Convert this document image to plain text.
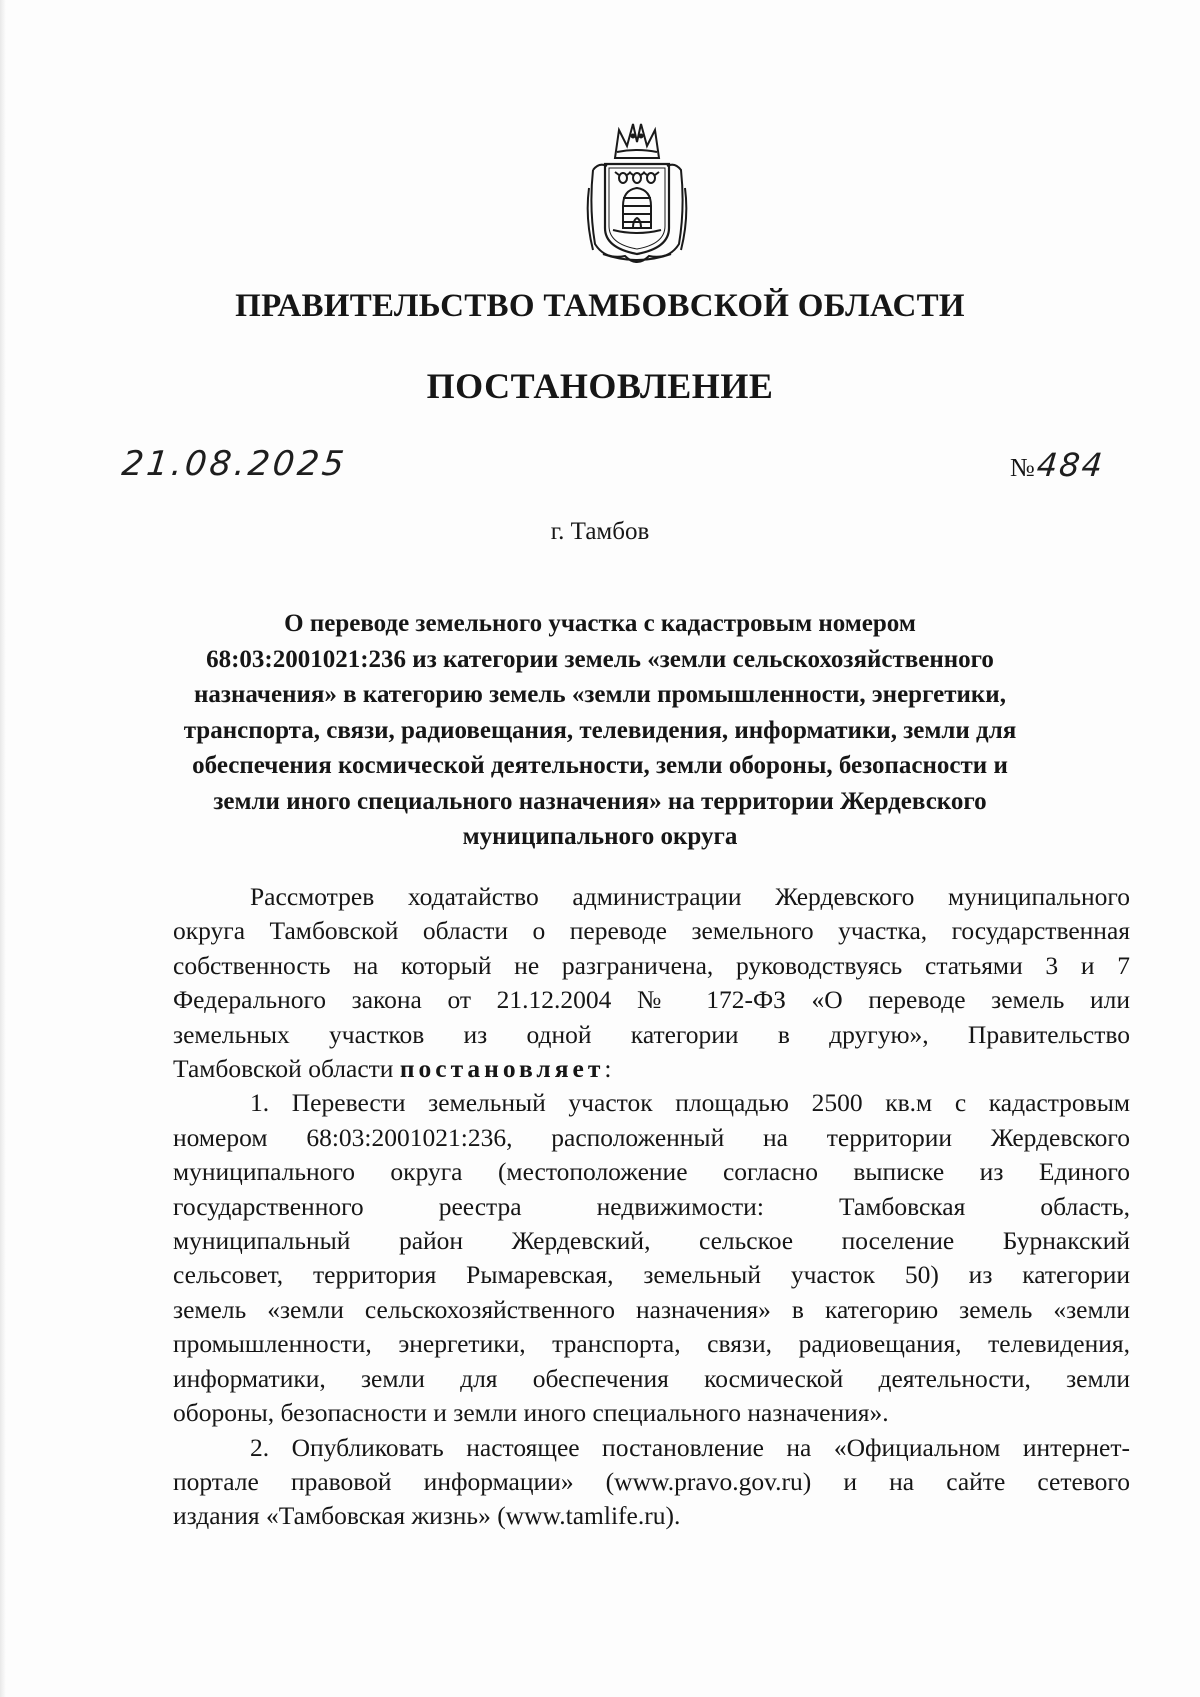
ПРАВИТЕЛЬСТВО ТАМБОВСКОЙ ОБЛАСТИ
ПОСТАНОВЛЕНИЕ
21.08.2025	№484
г. Тамбов

О переводе земельного участка с кадастровым номером
68:03:2001021:236 из категории земель «земли сельскохозяйственного
назначения» в категорию земель «земли промышленности, энергетики,
транспорта, связи, радиовещания, телевидения, информатики, земли для
обеспечения космической деятельности, земли обороны, безопасности и
земли иного специального назначения» на территории Жердевского
муниципального округа

Рассмотрев ходатайство администрации Жердевского муниципального
округа Тамбовской области о переводе земельного участка, государственная
собственность на который не разграничена, руководствуясь статьями 3 и 7
Федерального закона от 21.12.2004 № 172-ФЗ «О переводе земель или
земельных участков из одной категории в другую», Правительство
Тамбовской области постановляет:

1. Перевести земельный участок площадью 2500 кв.м с кадастровым
номером 68:03:2001021:236, расположенный на территории Жердевского
муниципального округа (местоположение согласно выписке из Единого
государственного реестра недвижимости: Тамбовская область,
муниципальный район Жердевский, сельское поселение Бурнакский
сельсовет, территория Рымаревская, земельный участок 50) из категории
земель «земли сельскохозяйственного назначения» в категорию земель «земли
промышленности, энергетики, транспорта, связи, радиовещания, телевидения,
информатики, земли для обеспечения космической деятельности, земли
обороны, безопасности и земли иного специального назначения».

2. Опубликовать настоящее постановление на «Официальном интернет-
портале правовой информации» (www.pravo.gov.ru) и на сайте сетевого
издания «Тамбовская жизнь» (www.tamlife.ru).
